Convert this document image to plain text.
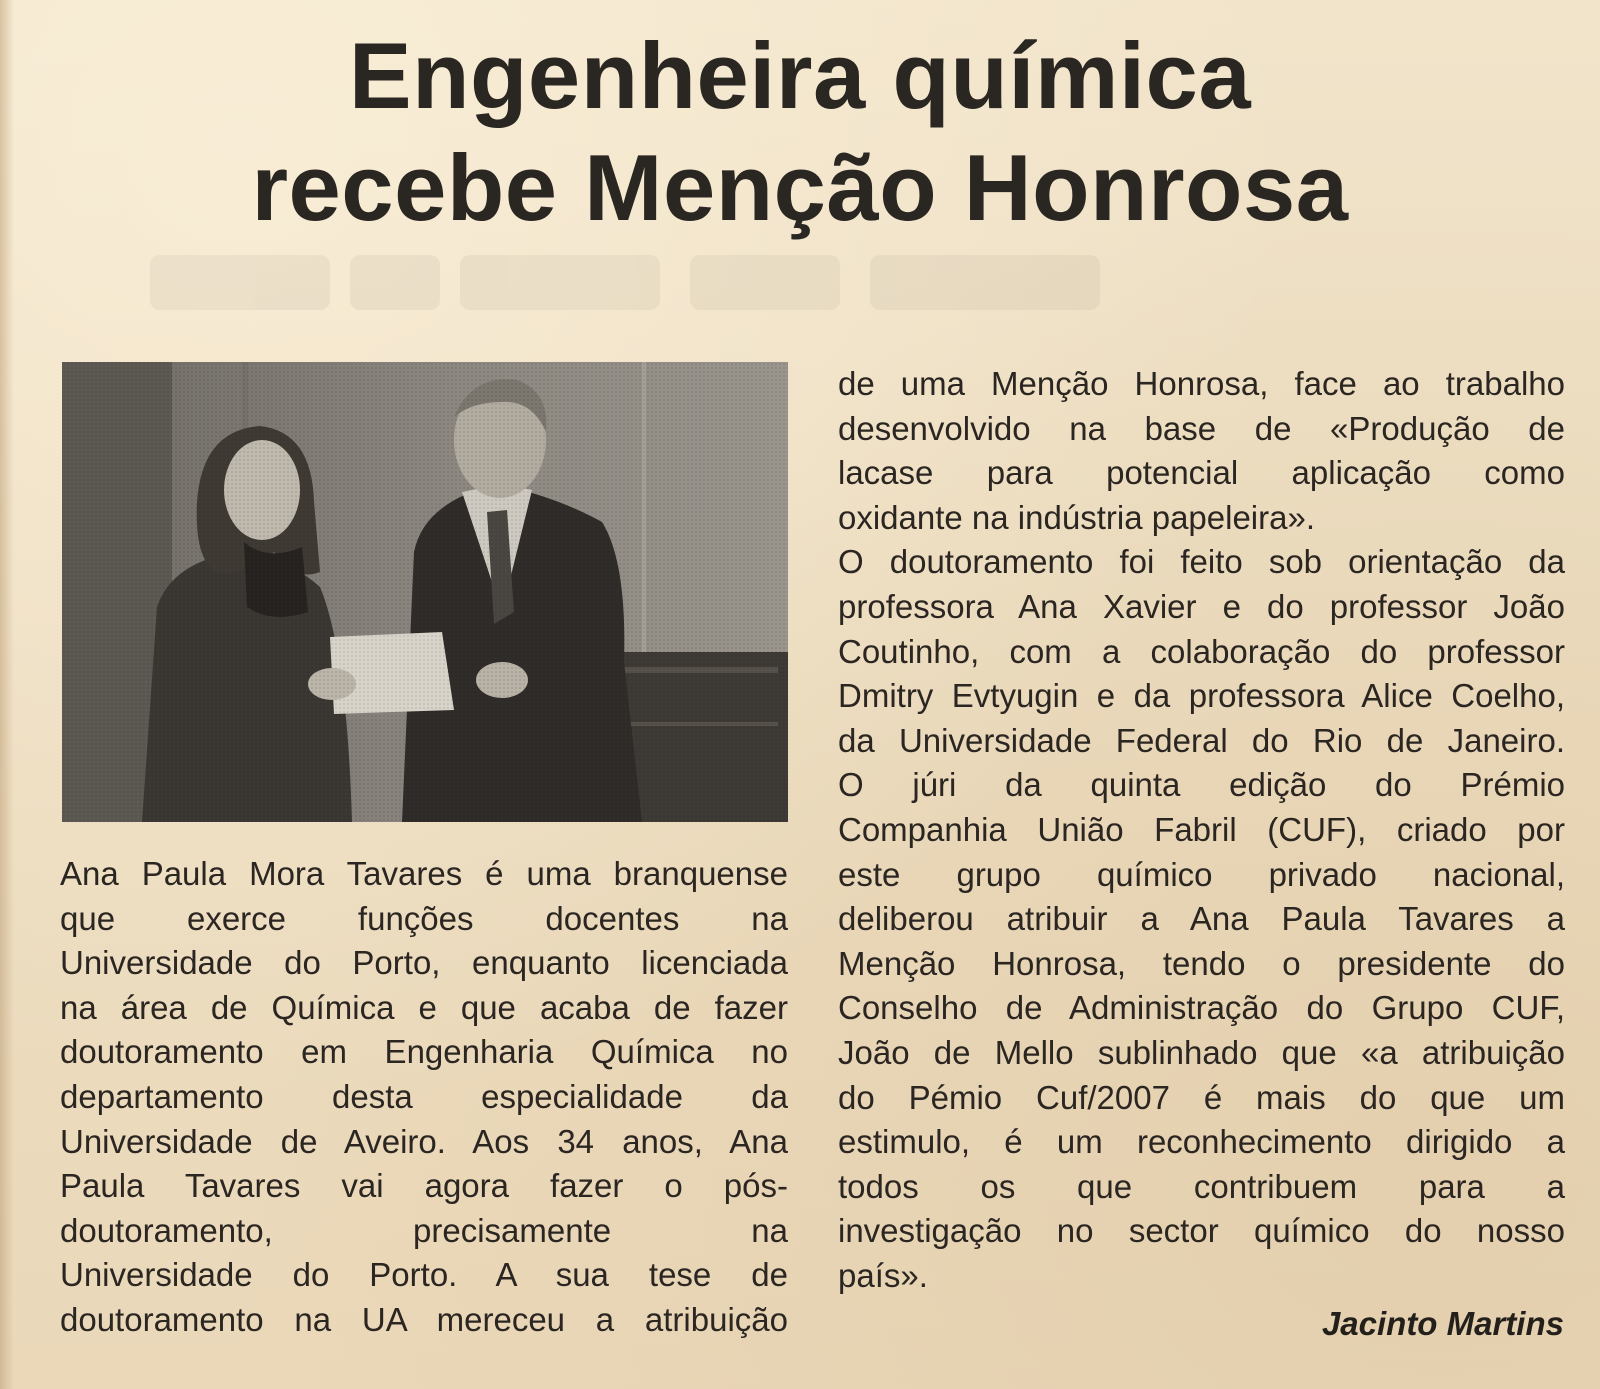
Engenheira química
recebe Menção Honrosa
Ana Paula Mora Tavares é uma branquense
que exerce funções docentes na
Universidade do Porto, enquanto licenciada
na área de Química e que acaba de fazer
doutoramento em Engenharia Química no
departamento desta especialidade da
Universidade de Aveiro. Aos 34 anos, Ana
Paula Tavares vai agora fazer o pós-
doutoramento, precisamente na
Universidade do Porto. A sua tese de
doutoramento na UA mereceu a atribuição
de uma Menção Honrosa, face ao trabalho
desenvolvido na base de «Produção de
lacase para potencial aplicação como
oxidante na indústria papeleira».
O doutoramento foi feito sob orientação da
professora Ana Xavier e do professor João
Coutinho, com a colaboração do professor
Dmitry Evtyugin e da professora Alice Coelho,
da Universidade Federal do Rio de Janeiro.
O júri da quinta edição do Prémio
Companhia União Fabril (CUF), criado por
este grupo químico privado nacional,
deliberou atribuir a Ana Paula Tavares a
Menção Honrosa, tendo o presidente do
Conselho de Administração do Grupo CUF,
João de Mello sublinhado que «a atribuição
do Pémio Cuf/2007 é mais do que um
estimulo, é um reconhecimento dirigido a
todos os que contribuem para a
investigação no sector químico do nosso
país».
Jacinto Martins
